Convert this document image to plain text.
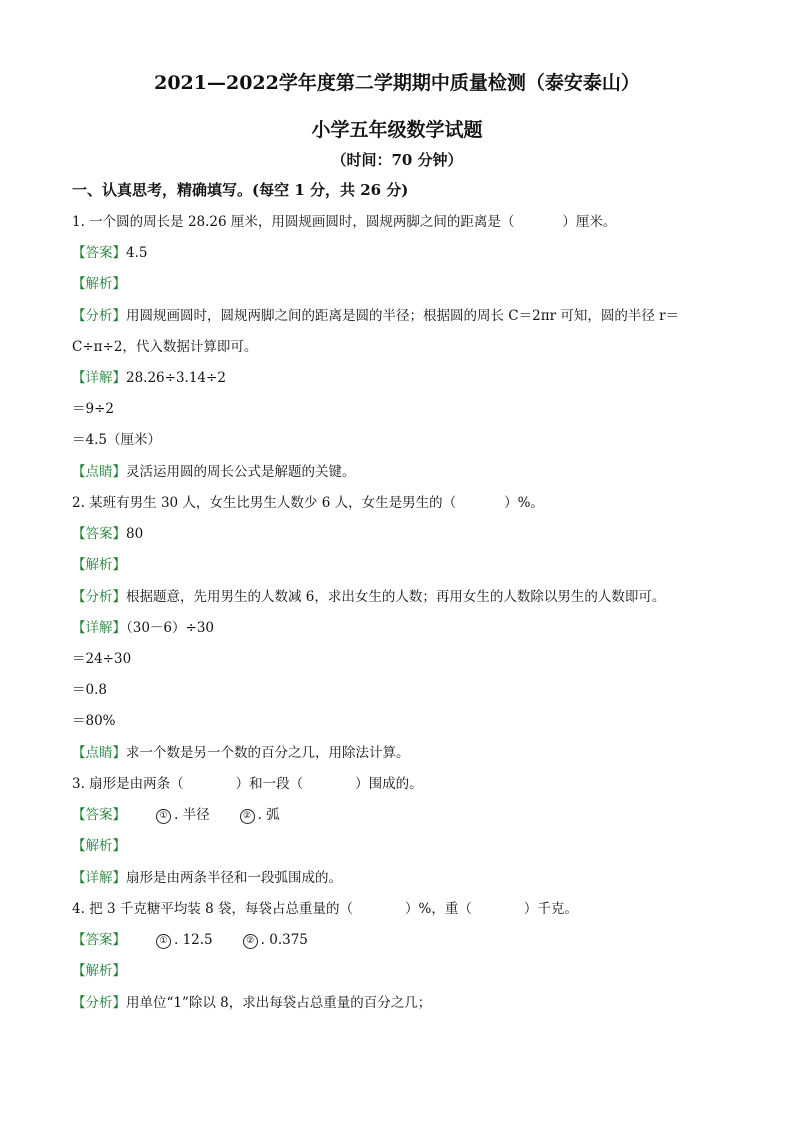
2021—2022学年度第二学期期中质量检测（泰安泰山）
小学五年级数学试题
（时间：70 分钟）
一、认真思考，精确填写。(每空 1 分，共 26 分)
1. 一个圆的周长是 28.26 厘米，用圆规画圆时，圆规两脚之间的距离是（	）厘米。
【答案】4.5
【解析】
【分析】用圆规画圆时，圆规两脚之间的距离是圆的半径；根据圆的周长 C＝2πr 可知，圆的半径 r＝
C÷π÷2，代入数据计算即可。
【详解】28.26÷3.14÷2
＝9÷2
＝4.5（厘米）
【点睛】灵活运用圆的周长公式是解题的关键。
2. 某班有男生 30 人，女生比男生人数少 6 人，女生是男生的（	）%。
【答案】80
【解析】
【分析】根据题意，先用男生的人数减 6，求出女生的人数；再用女生的人数除以男生的人数即可。
【详解】（30－6）÷30
＝24÷30
＝0.8
＝80%
【点睛】求一个数是另一个数的百分之几，用除法计算。
3. 扇形是由两条（	）和一段（	）围成的。
【答案】	① . 半径	② . 弧
【解析】
【详解】扇形是由两条半径和一段弧围成的。
4. 把 3 千克糖平均装 8 袋，每袋占总重量的（	）%，重（	）千克。
【答案】	① . 12.5	② . 0.375
【解析】
【分析】用单位“1”除以 8，求出每袋占总重量的百分之几；
